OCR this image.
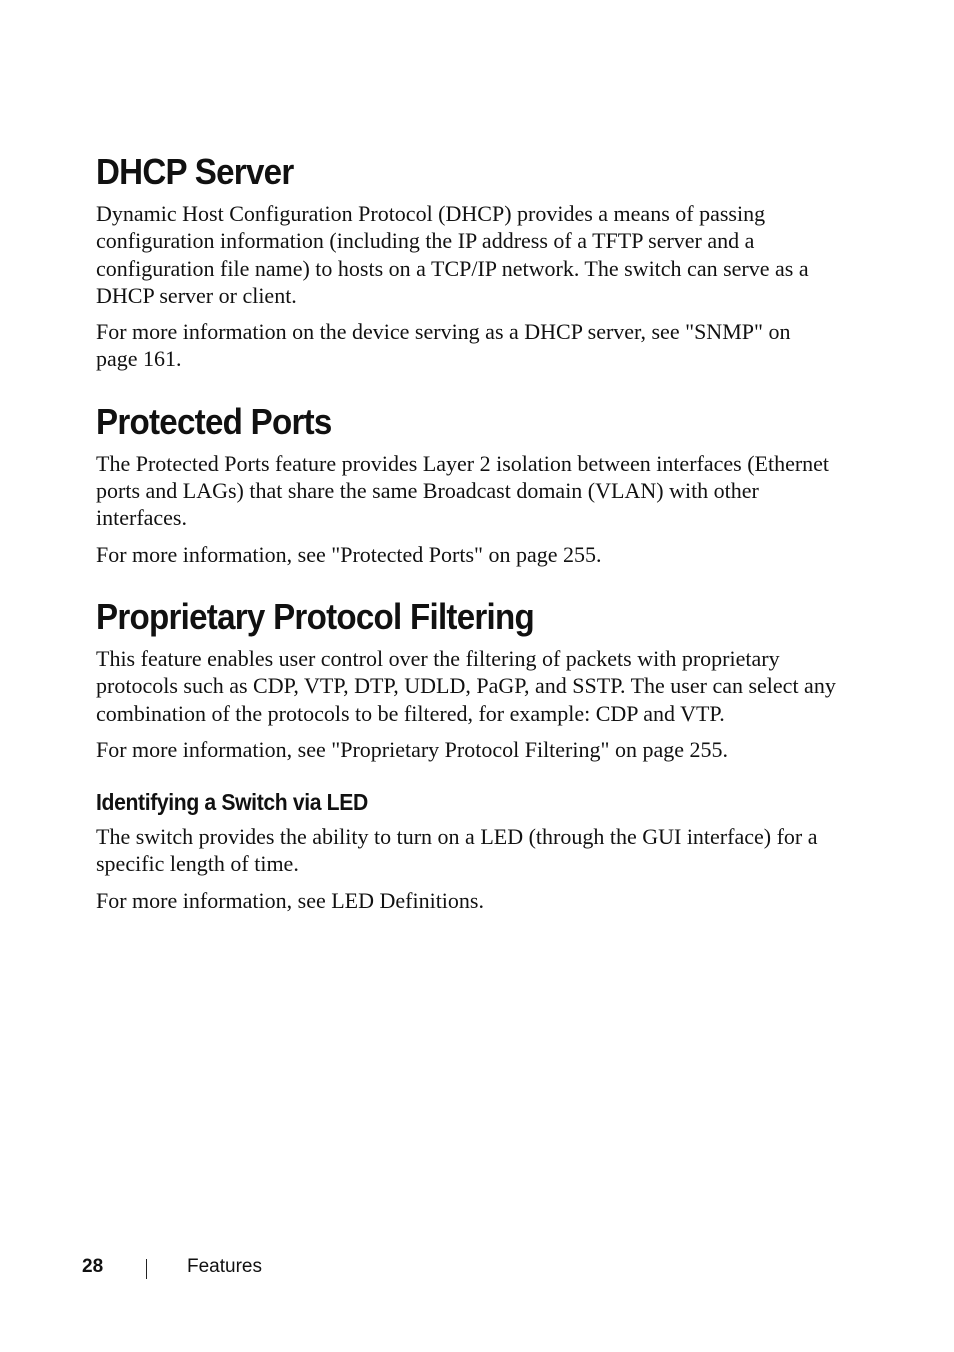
DHCP Server

Dynamic Host Configuration Protocol (DHCP) provides a means of passing configuration information (including the IP address of a TFTP server and a configuration file name) to hosts on a TCP/IP network. The switch can serve as a DHCP server or client.

For more information on the device serving as a DHCP server, see "SNMP" on page 161.

Protected Ports

The Protected Ports feature provides Layer 2 isolation between interfaces (Ethernet ports and LAGs) that share the same Broadcast domain (VLAN) with other interfaces.

For more information, see "Protected Ports" on page 255.

Proprietary Protocol Filtering

This feature enables user control over the filtering of packets with proprietary protocols such as CDP, VTP, DTP, UDLD, PaGP, and SSTP. The user can select any combination of the protocols to be filtered, for example: CDP and VTP.

For more information, see "Proprietary Protocol Filtering" on page 255.

Identifying a Switch via LED

The switch provides the ability to turn on a LED (through the GUI interface) for a specific length of time.

For more information, see LED Definitions.

28	Features
